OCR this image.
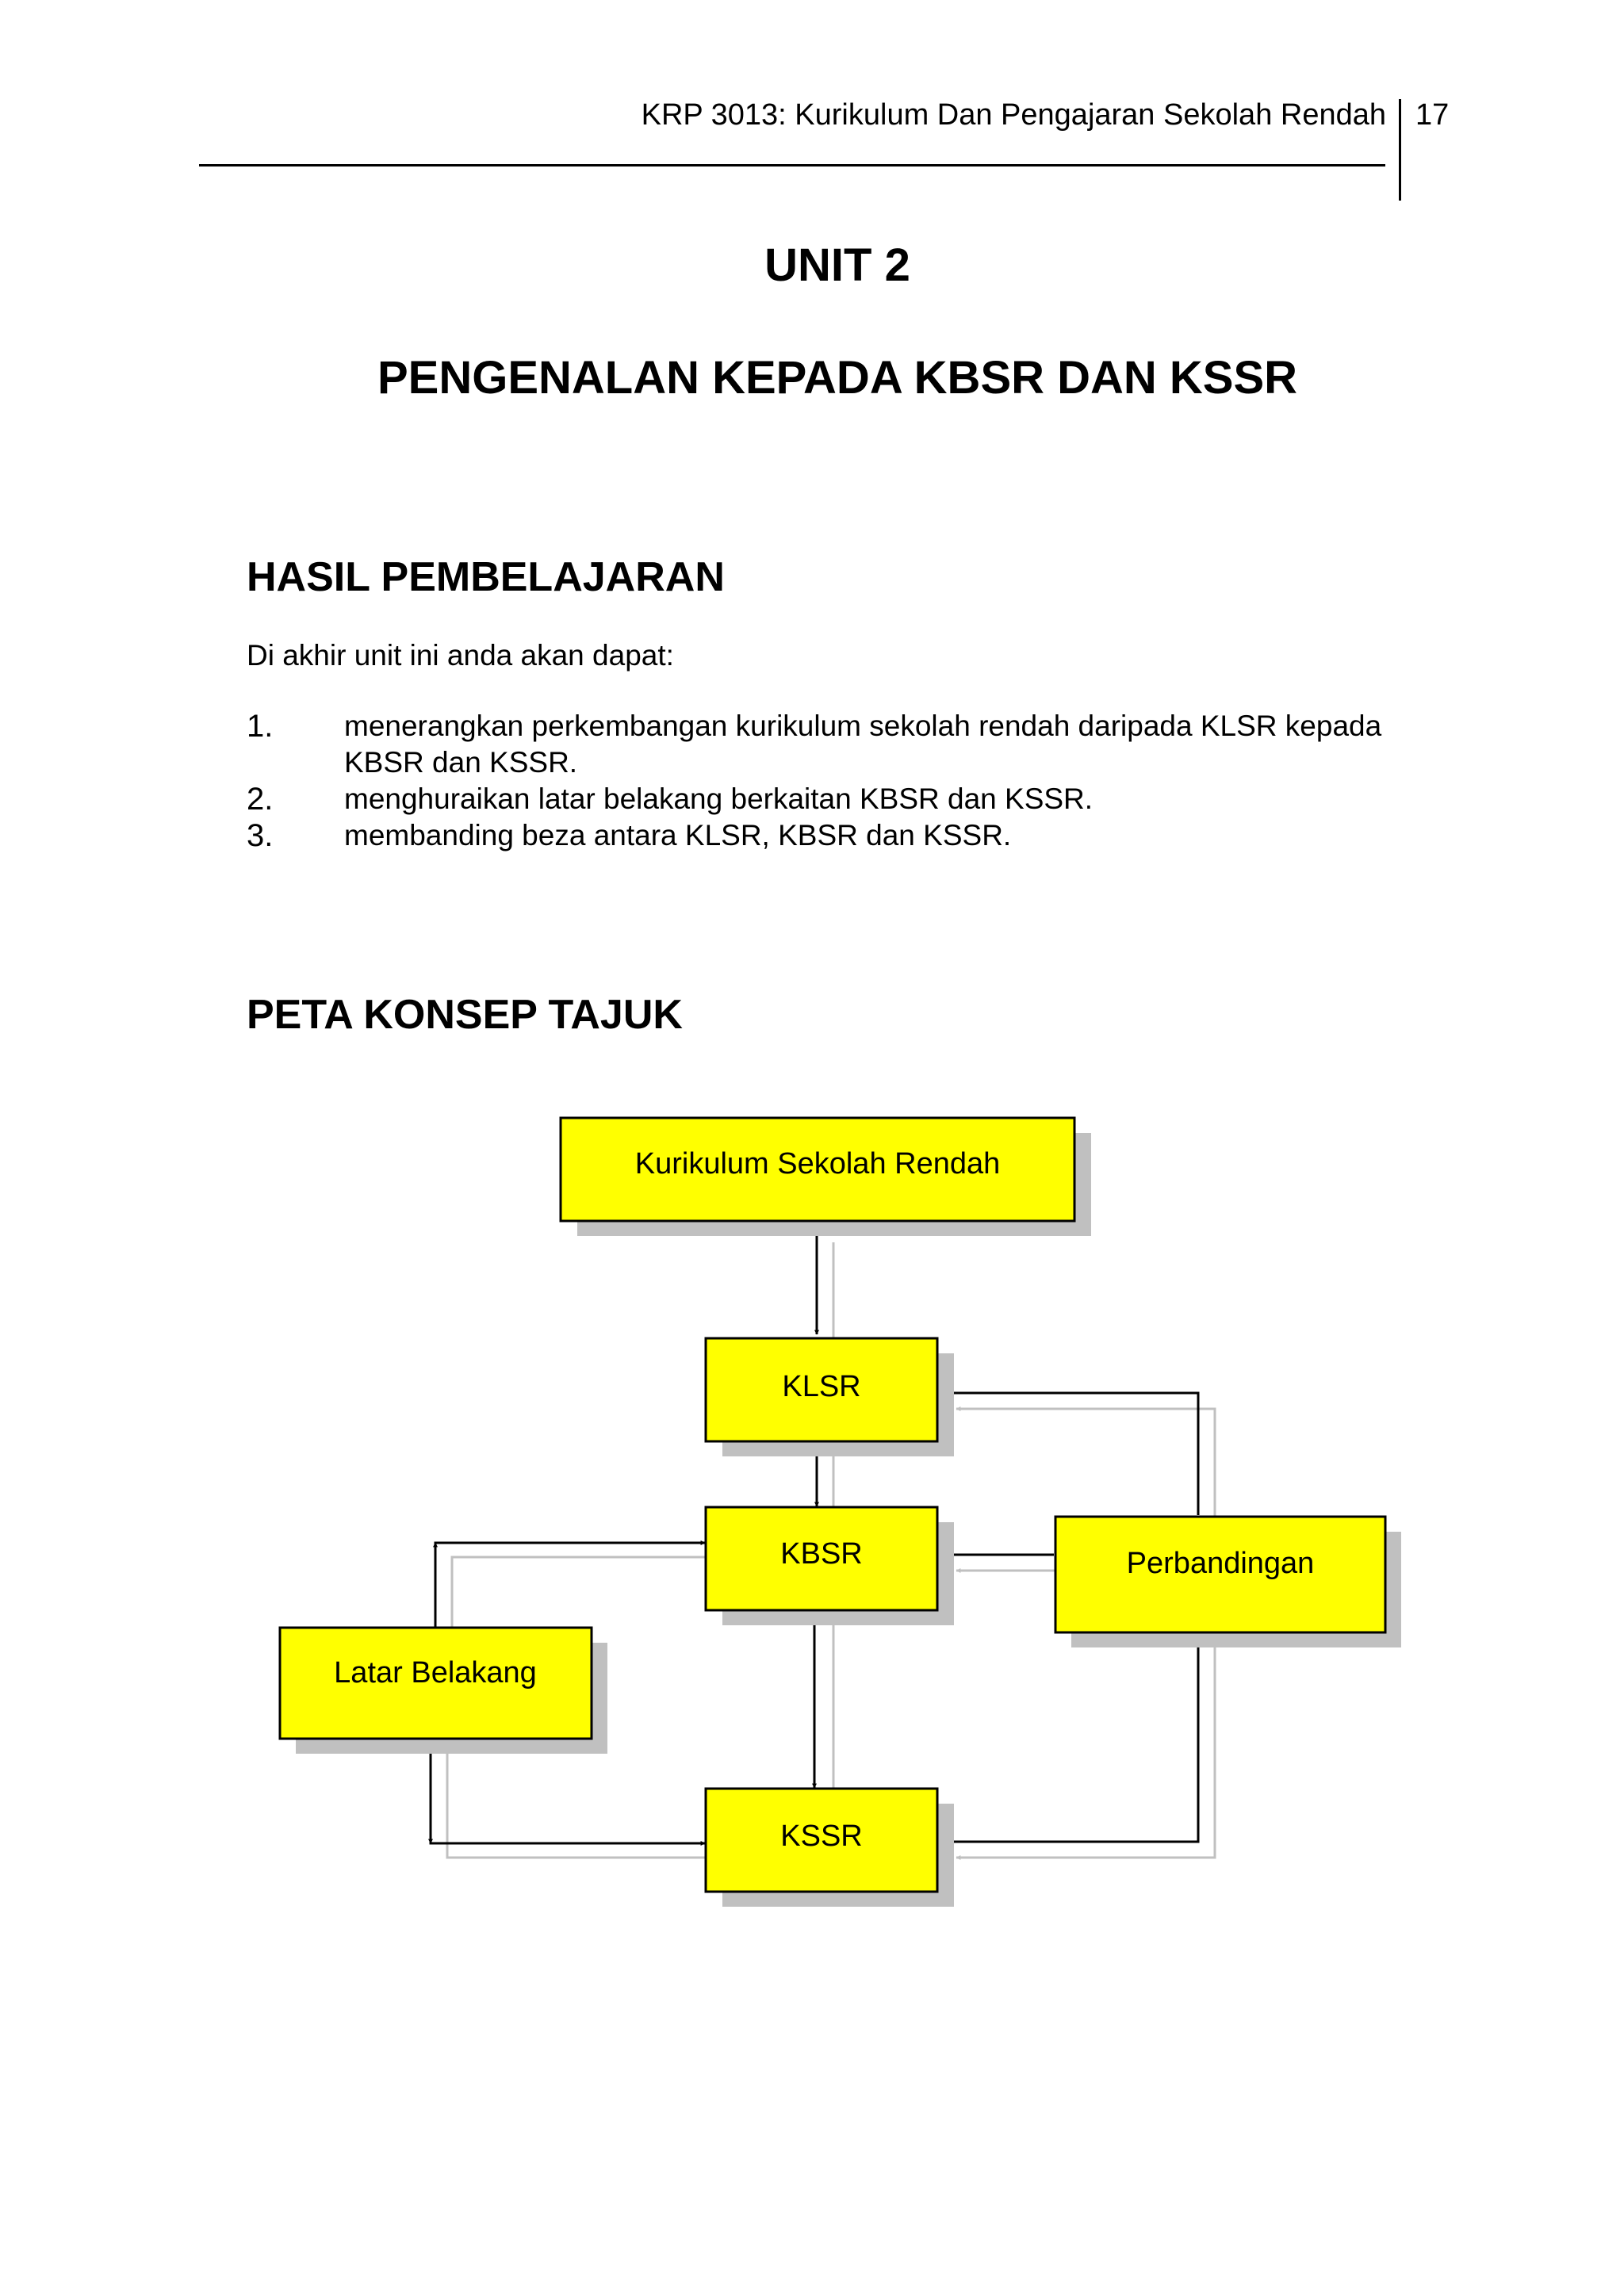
KRP 3013: Kurikulum Dan Pengajaran Sekolah Rendah 17
UNIT 2
PENGENALAN KEPADA KBSR DAN KSSR
HASIL PEMBELAJARAN
Di akhir unit ini anda akan dapat:
1. menerangkan perkembangan kurikulum sekolah rendah daripada KLSR kepada KBSR dan KSSR.
2. menghuraikan latar belakang berkaitan KBSR dan KSSR.
3. membanding beza antara KLSR, KBSR dan KSSR.
PETA KONSEP TAJUK
Kurikulum Sekolah Rendah
KLSR
KBSR
KSSR
Latar Belakang
Perbandingan
